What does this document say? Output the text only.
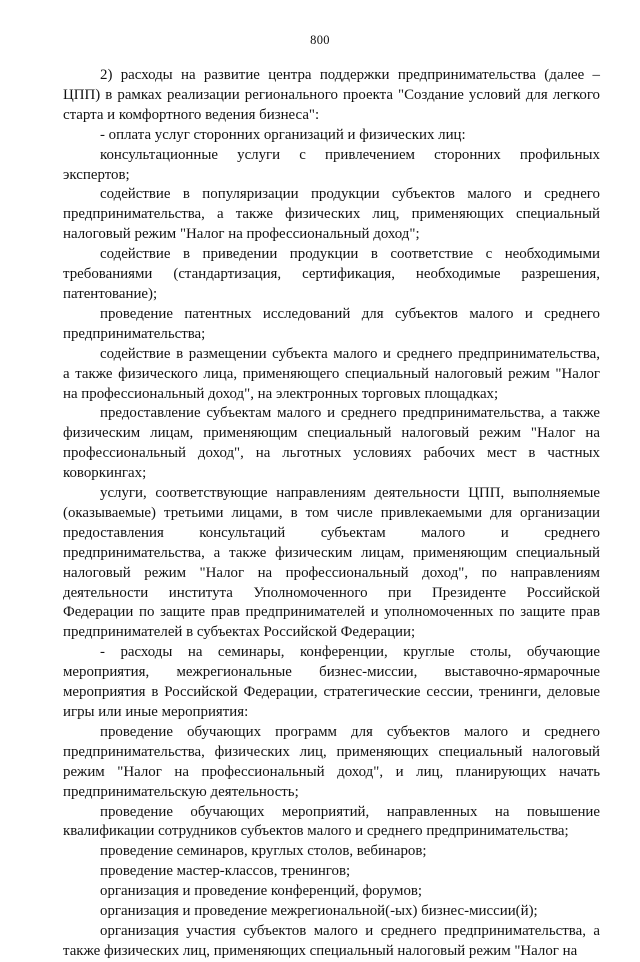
800
2) расходы на развитие центра поддержки предпринимательства (далее –
ЦПП) в рамках реализации регионального проекта "Создание условий для легкого
старта и комфортного ведения бизнеса":
- оплата услуг сторонних организаций и физических лиц:
консультационные услуги с привлечением сторонних профильных
экспертов;
содействие в популяризации продукции субъектов малого и среднего
предпринимательства, а также физических лиц, применяющих специальный
налоговый режим "Налог на профессиональный доход";
содействие в приведении продукции в соответствие с необходимыми
требованиями (стандартизация, сертификация, необходимые разрешения,
патентование);
проведение патентных исследований для субъектов малого и среднего
предпринимательства;
содействие в размещении субъекта малого и среднего предпринимательства,
а также физического лица, применяющего специальный налоговый режим "Налог
на профессиональный доход", на электронных торговых площадках;
предоставление субъектам малого и среднего предпринимательства, а также
физическим лицам, применяющим специальный налоговый режим "Налог на
профессиональный доход", на льготных условиях рабочих мест в частных
коворкингах;
услуги, соответствующие направлениям деятельности ЦПП, выполняемые
(оказываемые) третьими лицами, в том числе привлекаемыми для организации
предоставления консультаций субъектам малого и среднего
предпринимательства, а также физическим лицам, применяющим специальный
налоговый режим "Налог на профессиональный доход", по направлениям
деятельности института Уполномоченного при Президенте Российской
Федерации по защите прав предпринимателей и уполномоченных по защите прав
предпринимателей в субъектах Российской Федерации;
- расходы на семинары, конференции, круглые столы, обучающие
мероприятия, межрегиональные бизнес-миссии, выставочно-ярмарочные
мероприятия в Российской Федерации, стратегические сессии, тренинги, деловые
игры или иные мероприятия:
проведение обучающих программ для субъектов малого и среднего
предпринимательства, физических лиц, применяющих специальный налоговый
режим "Налог на профессиональный доход", и лиц, планирующих начать
предпринимательскую деятельность;
проведение обучающих мероприятий, направленных на повышение
квалификации сотрудников субъектов малого и среднего предпринимательства;
проведение семинаров, круглых столов, вебинаров;
проведение мастер-классов, тренингов;
организация и проведение конференций, форумов;
организация и проведение межрегиональной(-ых) бизнес-миссии(й);
организация участия субъектов малого и среднего предпринимательства, а
также физических лиц, применяющих специальный налоговый режим "Налог на
